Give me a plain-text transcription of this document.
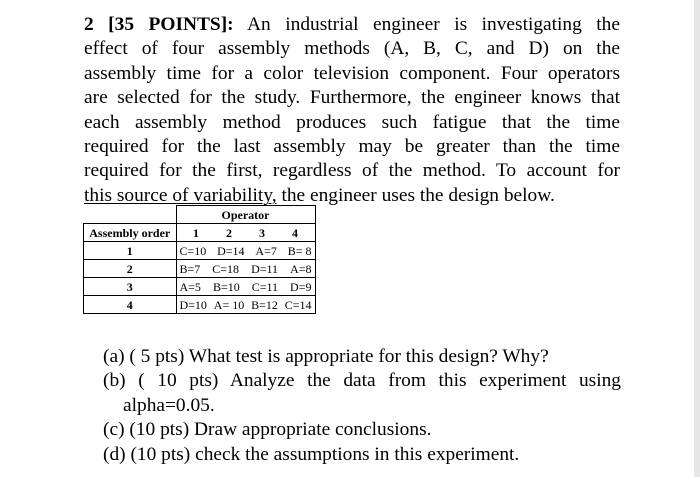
2 [35 POINTS]: An industrial engineer is investigating the
effect of four assembly methods (A, B, C, and D) on the
assembly time for a color television component. Four operators
are selected for the study. Furthermore, the engineer knows that
each assembly method produces such fatigue that the time
required for the last assembly may be greater than the time
required for the first, regardless of the method. To account for
this source of variability, the engineer uses the design below.
	Operator
Assembly order	1 2 3 4

1	C=10 D=14 A=7 B= 8

2	B=7 C=18 D=11 A=8

3	A=5 B=10 C=11 D=9

4	D=10 A= 10 B=12 C=14
(a) ( 5 pts) What test is appropriate for this design? Why?
(b) ( 10 pts) Analyze the data from this experiment using
alpha=0.05.
(c) (10 pts) Draw appropriate conclusions.
(d) (10 pts) check the assumptions in this experiment.
